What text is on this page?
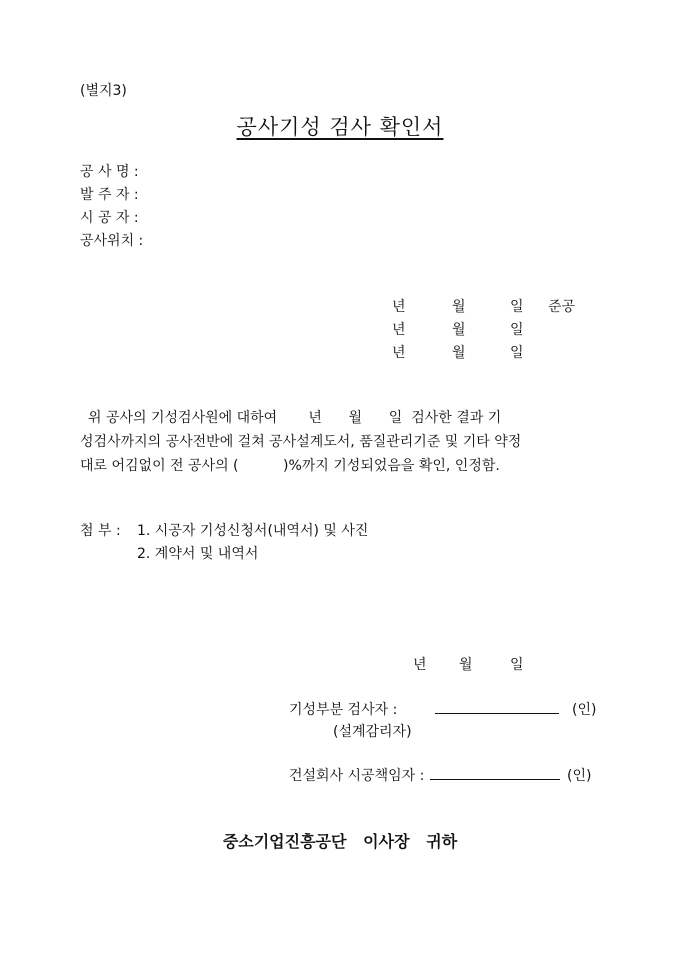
(별지3)
공사기성 검사 확인서
공 사 명 :
발 주 자 :
시 공 자 :
공사위치 :
년	월	일 준공
년	월	일
년	월	일
위 공사의 기성검사원에 대하여       년      월      일  검사한 결과 기
성검사까지의 공사전반에 걸쳐 공사설계도서, 품질관리기준 및 기타 약정
대로 어김없이 전 공사의 (          )%까지 기성되었음을 확인, 인정함.
첨 부 : 1. 시공자 기성신청서(내역서) 및 사진
2. 계약서 및 내역서
년 월	일
기성부분 검사자 :	(인)
(설계감리자)
건설회사 시공책임자 :	(인)
중소기업진흥공단   이사장   귀하
